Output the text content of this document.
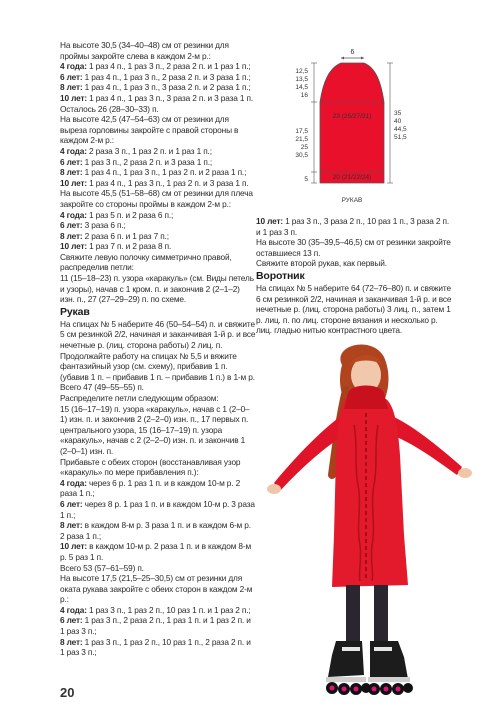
На высоте 30,5 (34–40–48) см от резинки для проймы закройте слева в каждом 2-м р.:

4 года: 1 раз 4 п., 1 раз 3 п., 2 раза 2 п. и 1 раз 1 п.;

6 лет: 1 раз 4 п., 1 раз 3 п., 2 раза 2 п. и 3 раза 1 п.;

8 лет: 1 раз 4 п., 1 раз 3 п., 3 раза 2 п. и 2 раза 1 п.;

10 лет: 1 раз 4 п., 1 раз 3 п., 3 раза 2 п. и 3 раза 1 п.

Осталось 26 (28–30–33) п.

На высоте 42,5 (47–54–63) см от резинки для выреза горловины закройте с правой стороны в каждом 2-м р.:

4 года: 2 раза 3 п., 1 раз 2 п. и 1 раз 1 п.;

6 лет: 1 раз 3 п., 2 раза 2 п. и 3 раза 1 п.;

8 лет: 1 раз 4 п., 1 раз 3 п., 1 раз 2 п. и 2 раза 1 п.;

10 лет: 1 раз 4 п., 1 раз 3 п., 1 раз 2 п. и 3 раза 1 п.

На высоте 45,5 (51–58–68) см от резинки для плеча закройте со стороны проймы в каждом 2-м р.:

4 года: 1 раз 5 п. и 2 раза 6 п.;

6 лет: 3 раза 6 п.;

8 лет: 2 раза 6 п. и 1 раз 7 п.;

10 лет: 1 раз 7 п. и 2 раза 8 п.

Свяжите левую полочку симметрично правой, распределив петли:

11 (15–18–23) п. узора «каракуль» (см. Виды петель и узоры), начав с 1 кром. п. и закончив 2 (2–1–2) изн. п., 27 (27–29–29) п. по схеме.

Рукав

На спицах № 5 наберите 46 (50–54–54) п. и свяжите 5 см резинкой 2/2, начиная и заканчивая 1-й р. и все нечетные р. (лиц. сторона работы) 2 лиц. п.

Продолжайте работу на спицах № 5,5 и вяжите фантазийный узор (см. схему), прибавив 1 п. (убавив 1 п. – прибавив 1 п. – прибавив 1 п.) в 1-м р.

Всего 47 (49–55–55) п.

Распределите петли следующим образом:

15 (16–17–19) п. узора «каракуль», начав с 1 (2–0–1) изн. п. и закончив 2 (2–2–0) изн. п., 17 первых п. центрального узора, 15 (16–17–19) п. узора «каракуль», начав с 2 (2–2–0) изн. п. и закончив 1 (2–0–1) изн. п.

Прибавьте с обеих сторон (восстанавливая узор «каракуль» по мере прибавления п.):

4 года: через 6 р. 1 раз 1 п. и в каждом 10-м р. 2 раза 1 п.;

6 лет: через 8 р. 1 раз 1 п. и в каждом 10-м р. 3 раза 1 п.;

8 лет: в каждом 8-м р. 3 раза 1 п. и в каждом 6-м р. 2 раза 1 п.;

10 лет: в каждом 10-м р. 2 раза 1 п. и в каждом 8-м р. 5 раз 1 п.

Всего 53 (57–61–59) п.

На высоте 17,5 (21,5–25–30,5) см от резинки для оката рукава закройте с обеих сторон в каждом 2-м р.:

4 года: 1 раз 3 п., 1 раз 2 п., 10 раз 1 п. и 1 раз 2 п.;

6 лет: 1 раз 3 п., 2 раза 2 п., 1 раз 1 п. и 1 раз 2 п. и 1 раз 3 п.;

8 лет: 1 раз 3 п., 1 раз 2 п., 10 раз 1 п., 2 раза 2 п. и 1 раз 3 п.;

10 лет: 1 раз 3 п., 3 раза 2 п., 10 раз 1 п., 3 раза 2 п. и 1 раз 3 п.

На высоте 30 (35–39,5–46,5) см от резинки закройте оставшиеся 13 п.

Свяжите второй рукав, как первый.

Воротник

На спицах № 5 наберите 64 (72–76–80) п. и свяжите 6 см резинкой 2/2, начиная и заканчивая 1-й р. и все нечетные р. (лиц. сторона работы) 3 лиц. п., затем 1 р. лиц. п. по лиц. стороне вязания и несколько р. лиц. гладью нитью контрастного цвета.

6
23 (25/27/31)
20 (21/22/24)
12,5
13,5
14,5
16
17,5
21,5
25
30,5
5
35
40
44,5
51,5
РУКАВ
20
